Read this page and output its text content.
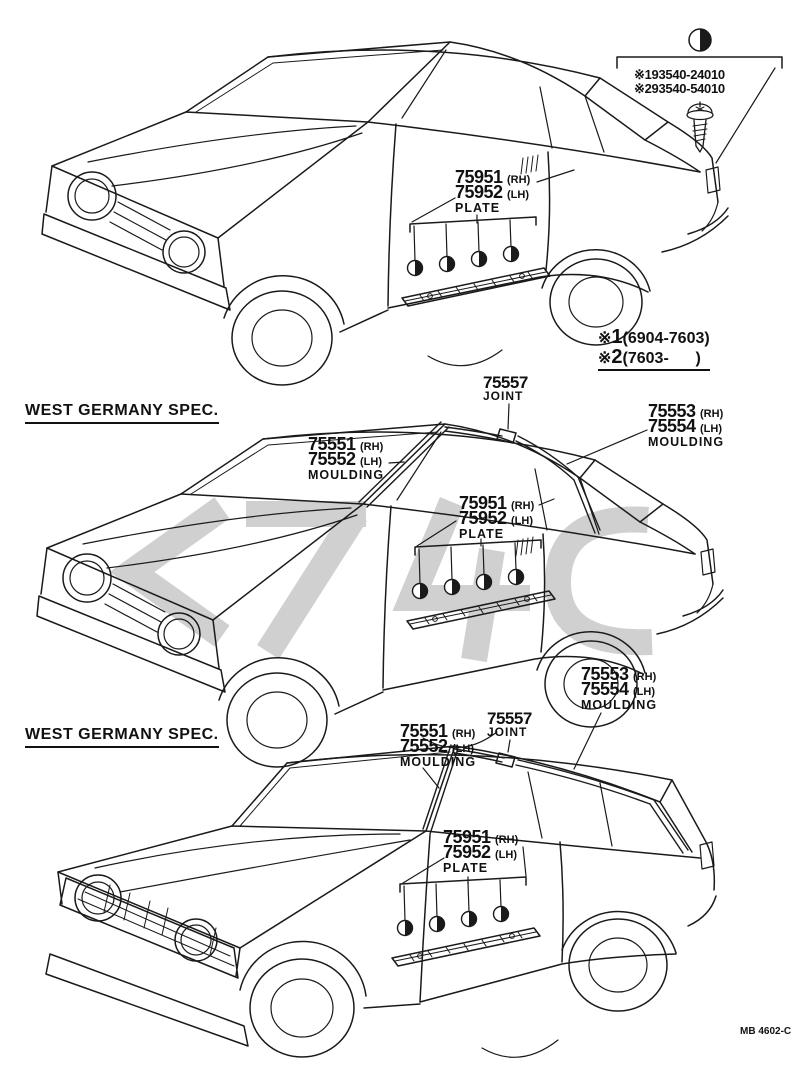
※193540-24010
※293540-54010
※1(6904-7603)
※2(7603-      )
75951 (RH)
75952 (LH)
PLATE
WEST GERMANY SPEC.
75557
JOINT
75553 (RH)
75554 (LH)
MOULDING
75551 (RH)
75552 (LH)
MOULDING
75951 (RH)
75952 (LH)
PLATE
WEST GERMANY SPEC.
75557
JOINT
75553 (RH)
75554 (LH)
MOULDING
75551 (RH)
75552 (LH)
MOULDING
75951 (RH)
75952 (LH)
PLATE
MB 4602-C
